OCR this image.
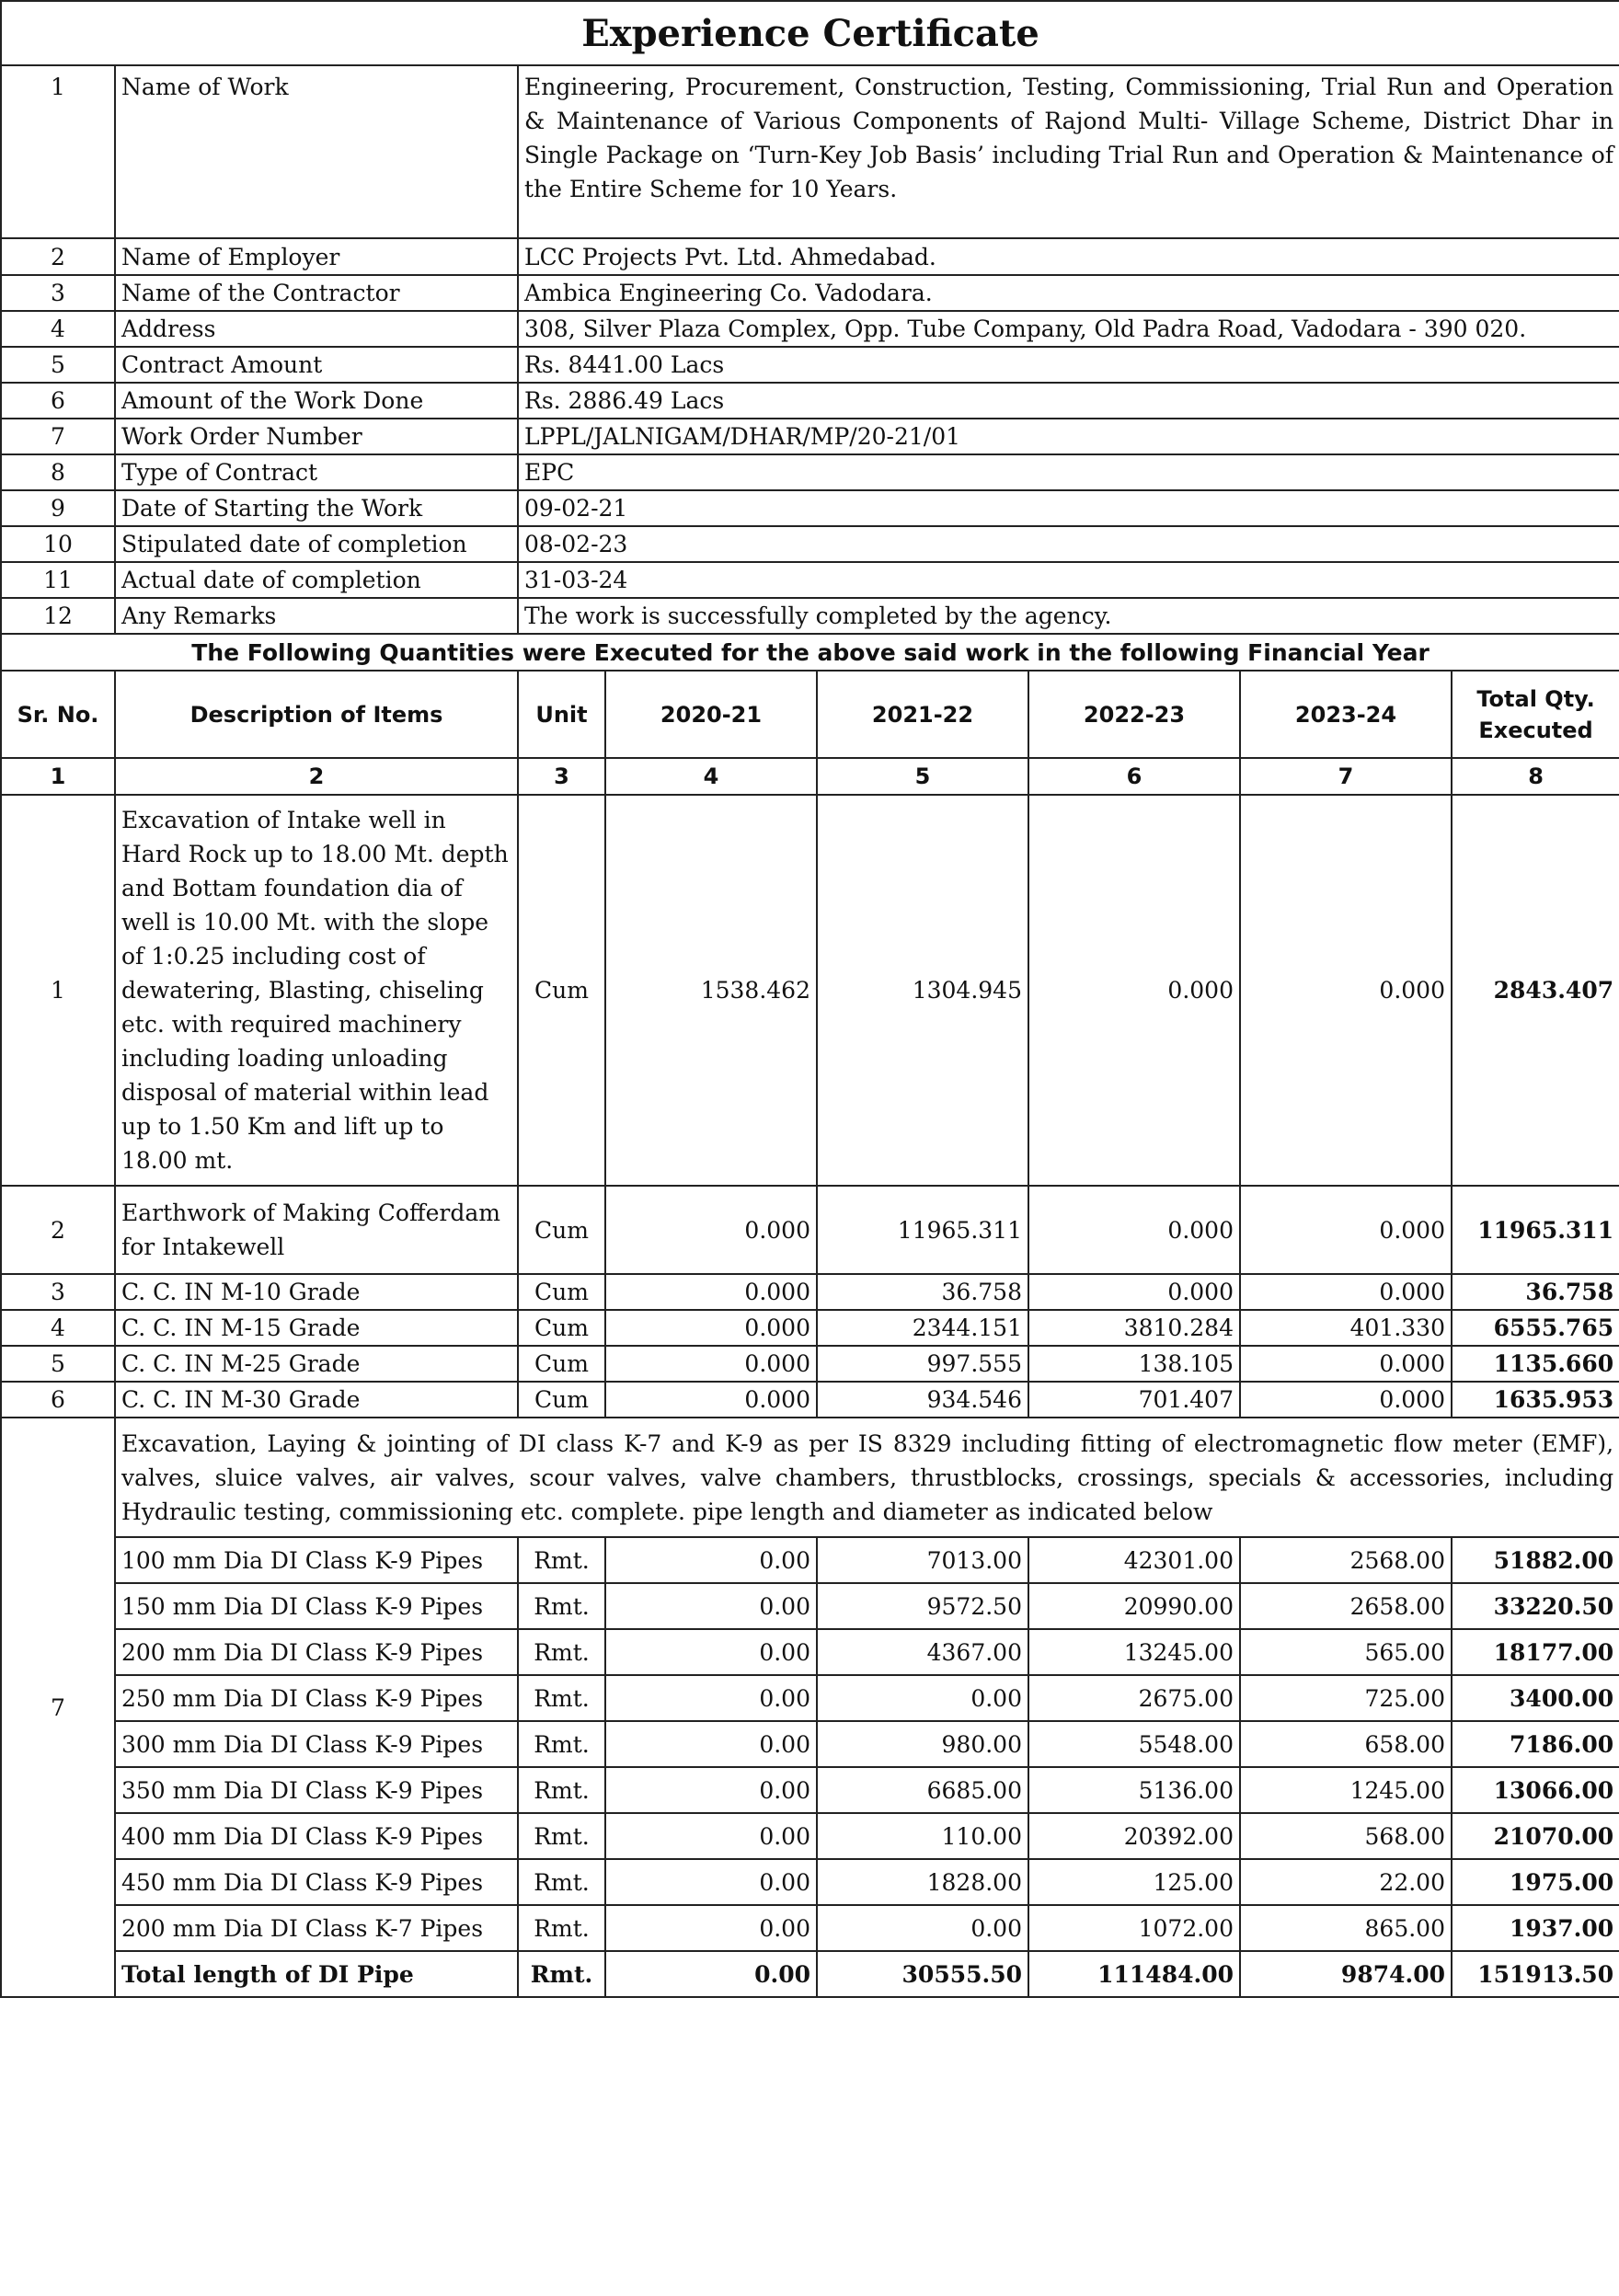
Experience Certificate							
1	Name of Work	Engineering, Procurement, Construction, Testing, Commissioning, Trial Run and Operation & Maintenance of Various Components of Rajond Multi- Village Scheme, District Dhar in Single Package on ‘Turn-Key Job Basis’ including Trial Run and Operation & Maintenance of the Entire Scheme for 10 Years.					
2	Name of Employer	LCC Projects Pvt. Ltd. Ahmedabad.					
3	Name of the Contractor	Ambica Engineering Co. Vadodara.					
4	Address	308, Silver Plaza Complex, Opp. Tube Company, Old Padra Road, Vadodara - 390 020.					
5	Contract Amount	Rs. 8441.00 Lacs					
6	Amount of the Work Done	Rs. 2886.49 Lacs					
7	Work Order Number	LPPL/JALNIGAM/DHAR/MP/20-21/01					
8	Type of Contract	EPC					
9	Date of Starting the Work	09-02-21					
10	Stipulated date of completion	08-02-23					
11	Actual date of completion	31-03-24					
12	Any Remarks	The work is successfully completed by the agency.					
The Following Quantities were Executed for the above said work in the following Financial Year							
Sr. No.	Description of Items	Unit	2020-21	2021-22	2022-23	2023-24	Total Qty. Executed
1	2	3	4	5	6	7	8
1	Excavation of Intake well in Hard Rock up to 18.00 Mt. depth and Bottam foundation dia of well is 10.00 Mt. with the slope of 1:0.25 including cost of dewatering, Blasting, chiseling etc. with required machinery including loading unloading disposal of material within lead up to 1.50 Km and lift up to 18.00 mt.	Cum	1538.462	1304.945	0.000	0.000	2843.407
2	Earthwork of Making Cofferdam for Intakewell	Cum	0.000	11965.311	0.000	0.000	11965.311
3	C. C. IN M-10 Grade	Cum	0.000	36.758	0.000	0.000	36.758
4	C. C. IN M-15 Grade	Cum	0.000	2344.151	3810.284	401.330	6555.765
5	C. C. IN M-25 Grade	Cum	0.000	997.555	138.105	0.000	1135.660
6	C. C. IN M-30 Grade	Cum	0.000	934.546	701.407	0.000	1635.953
7	Excavation, Laying & jointing of DI class K-7 and K-9 as per IS 8329 including fitting of electromagnetic flow meter (EMF), valves, sluice valves, air valves, scour valves, valve chambers, thrustblocks, crossings, specials & accessories, including Hydraulic testing, commissioning etc. complete. pipe length and diameter as indicated below						
	100 mm Dia DI Class K-9 Pipes	Rmt.	0.00	7013.00	42301.00	2568.00	51882.00
	150 mm Dia DI Class K-9 Pipes	Rmt.	0.00	9572.50	20990.00	2658.00	33220.50
	200 mm Dia DI Class K-9 Pipes	Rmt.	0.00	4367.00	13245.00	565.00	18177.00
	250 mm Dia DI Class K-9 Pipes	Rmt.	0.00	0.00	2675.00	725.00	3400.00
	300 mm Dia DI Class K-9 Pipes	Rmt.	0.00	980.00	5548.00	658.00	7186.00
	350 mm Dia DI Class K-9 Pipes	Rmt.	0.00	6685.00	5136.00	1245.00	13066.00
	400 mm Dia DI Class K-9 Pipes	Rmt.	0.00	110.00	20392.00	568.00	21070.00
	450 mm Dia DI Class K-9 Pipes	Rmt.	0.00	1828.00	125.00	22.00	1975.00
	200 mm Dia DI Class K-7 Pipes	Rmt.	0.00	0.00	1072.00	865.00	1937.00
	Total length of DI Pipe	Rmt.	0.00	30555.50	111484.00	9874.00	151913.50
